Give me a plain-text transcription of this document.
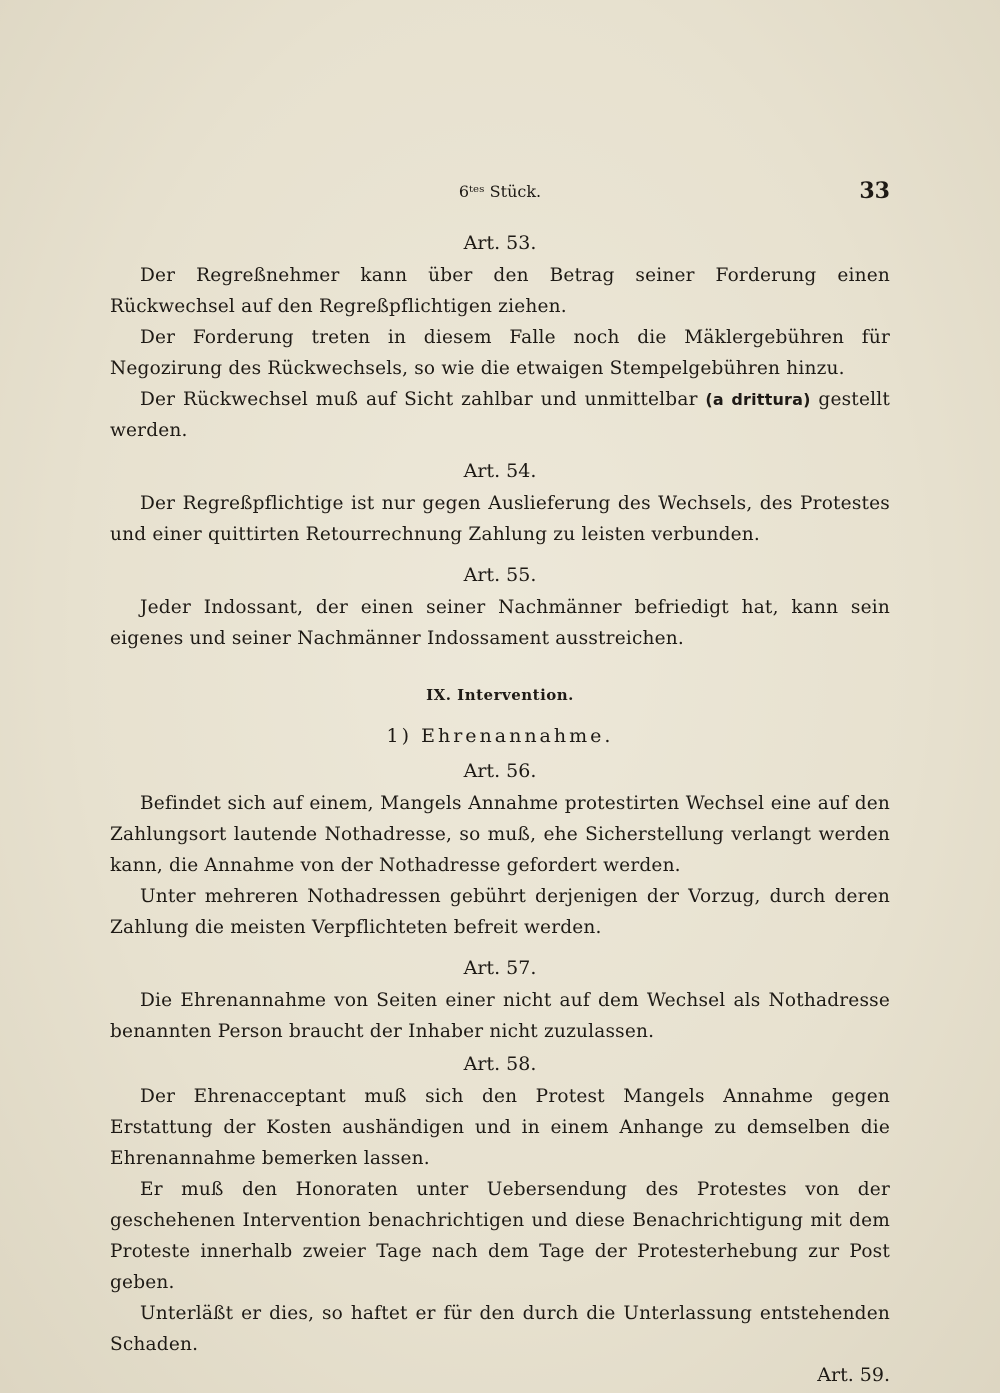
6ᵗᵉˢ Stück.	33
Art. 53.

Der Regreßnehmer kann über den Betrag seiner Forderung einen Rückwechsel auf den Regreßpflichtigen ziehen.

Der Forderung treten in diesem Falle noch die Mäklergebühren für Negozirung des Rückwechsels, so wie die etwaigen Stempelgebühren hinzu.

Der Rückwechsel muß auf Sicht zahlbar und unmittelbar (a drittura) gestellt werden.

Art. 54.

Der Regreßpflichtige ist nur gegen Auslieferung des Wechsels, des Protestes und einer quittirten Retourrechnung Zahlung zu leisten verbunden.

Art. 55.

Jeder Indossant, der einen seiner Nachmänner befriedigt hat, kann sein eigenes und seiner Nachmänner Indossament ausstreichen.

IX. Intervention.
1) Ehrenannahme.
Art. 56.

Befindet sich auf einem, Mangels Annahme protestirten Wechsel eine auf den Zahlungsort lautende Nothadresse, so muß, ehe Sicherstellung verlangt werden kann, die Annahme von der Nothadresse gefordert werden.

Unter mehreren Nothadressen gebührt derjenigen der Vorzug, durch deren Zahlung die meisten Verpflichteten befreit werden.

Art. 57.

Die Ehrenannahme von Seiten einer nicht auf dem Wechsel als Nothadresse benannten Person braucht der Inhaber nicht zuzulassen.

Art. 58.

Der Ehrenacceptant muß sich den Protest Mangels Annahme gegen Erstattung der Kosten aushändigen und in einem Anhange zu demselben die Ehrenannahme bemerken lassen.

Er muß den Honoraten unter Uebersendung des Protestes von der geschehenen Intervention benachrichtigen und diese Benachrichtigung mit dem Proteste innerhalb zweier Tage nach dem Tage der Protesterhebung zur Post geben.

Unterläßt er dies, so haftet er für den durch die Unterlassung entstehenden Schaden.

Art. 59.
